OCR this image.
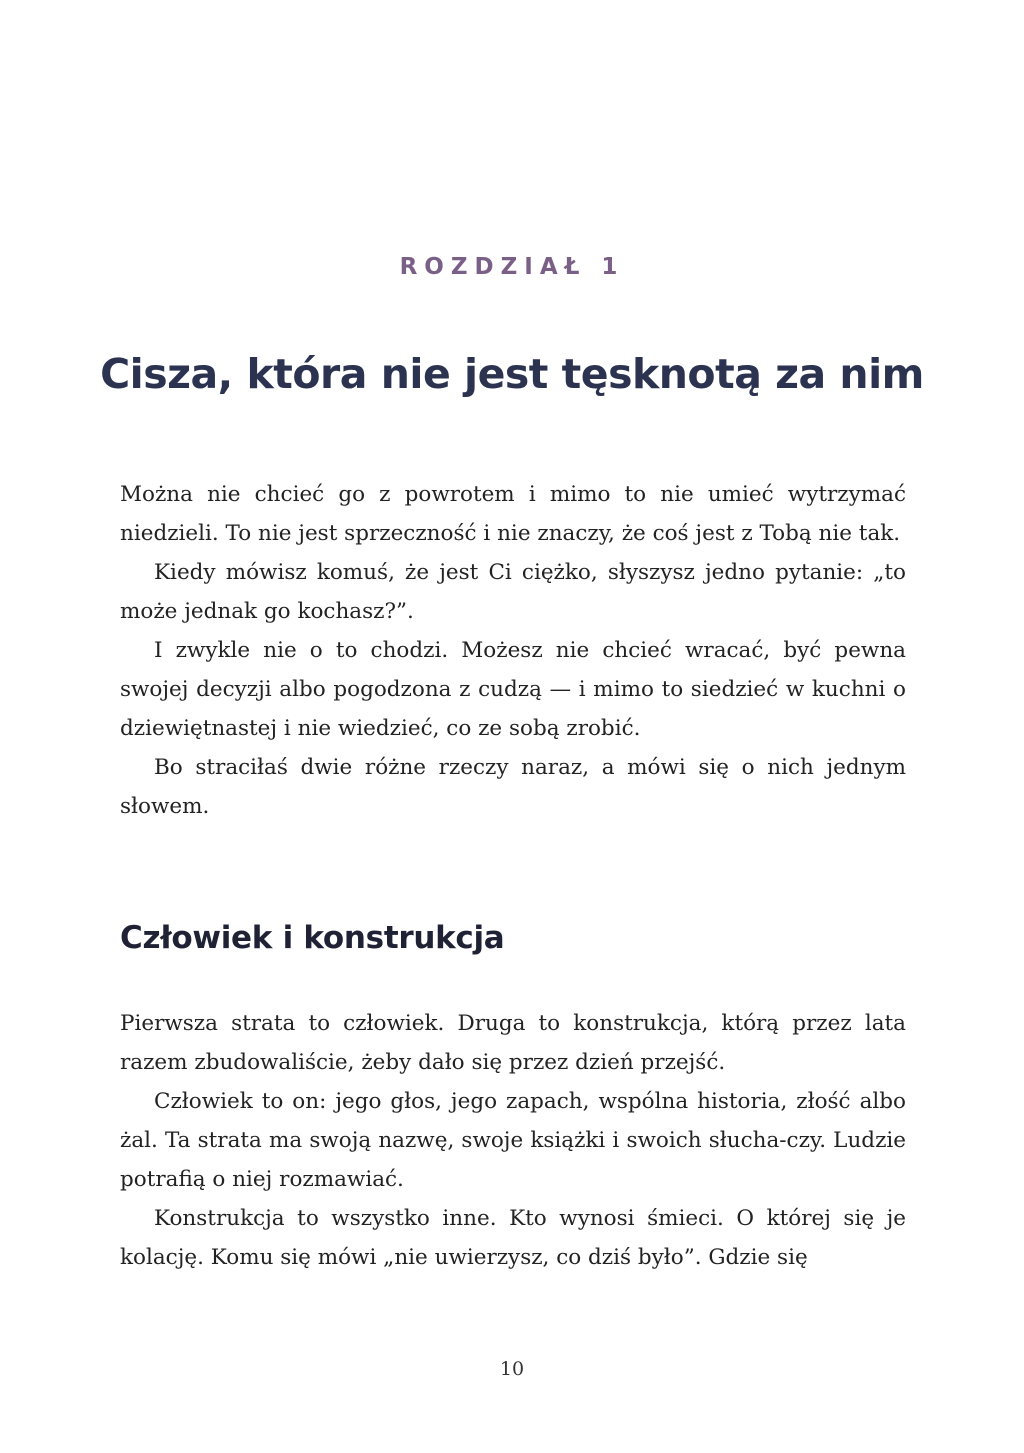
ROZDZIAŁ 1
Cisza, która nie jest tęsknotą za nim

Można nie chcieć go z powrotem i mimo to nie umieć wytrzymać niedzieli. To nie jest sprzeczność i nie znaczy, że coś jest z Tobą nie tak.

Kiedy mówisz komuś, że jest Ci ciężko, słyszysz jedno pytanie: „to może jednak go kochasz?”.

I zwykle nie o to chodzi. Możesz nie chcieć wracać, być pewna swojej decyzji albo pogodzona z cudzą — i mimo to siedzieć w kuchni o dziewiętnastej i nie wiedzieć, co ze sobą zrobić.

Bo straciłaś dwie różne rzeczy naraz, a mówi się o nich jednym słowem.

Człowiek i konstrukcja

Pierwsza strata to człowiek. Druga to konstrukcja, którą przez lata razem zbudowaliście, żeby dało się przez dzień przejść.

Człowiek to on: jego głos, jego zapach, wspólna historia, złość albo żal. Ta strata ma swoją nazwę, swoje książki i swoich słucha-czy. Ludzie potrafią o niej rozmawiać.

Konstrukcja to wszystko inne. Kto wynosi śmieci. O której się je kolację. Komu się mówi „nie uwierzysz, co dziś było”. Gdzie się

10
